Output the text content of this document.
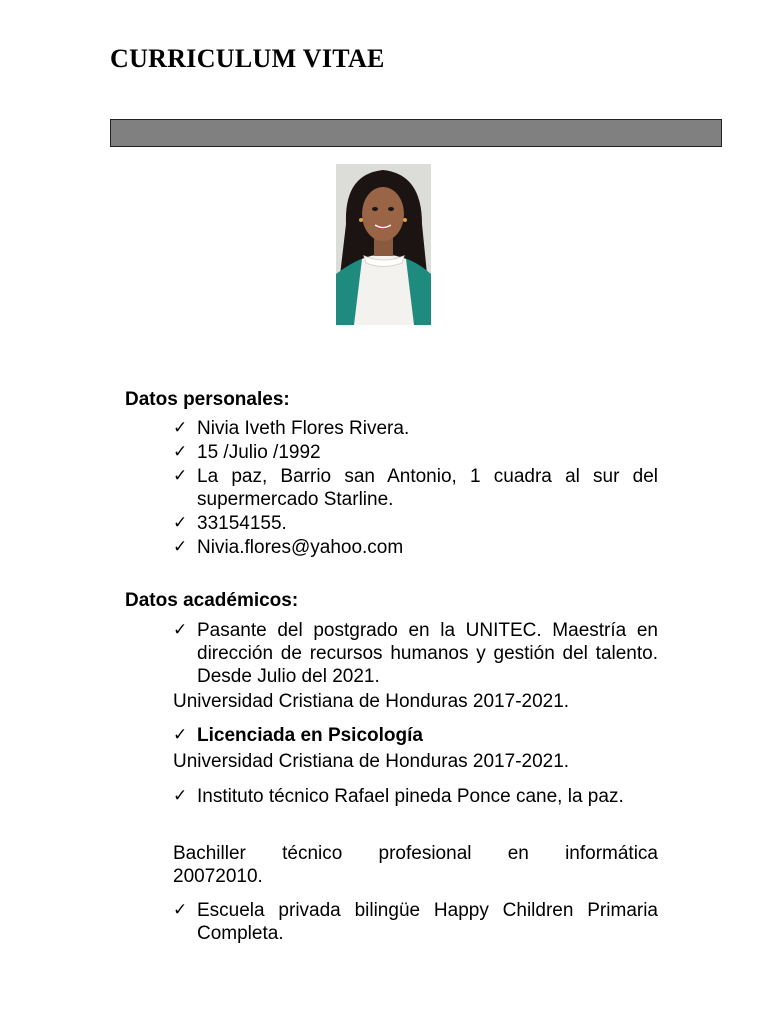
CURRICULUM VITAE
Datos personales:
✓ Nivia Iveth Flores Rivera.
✓ 15 /Julio /1992
✓ La paz, Barrio san Antonio, 1 cuadra al sur del supermercado Starline.
✓ 33154155.
✓ Nivia.flores@yahoo.com
Datos académicos:
✓ Pasante del postgrado en la UNITEC. Maestría en dirección de recursos humanos y gestión del talento. Desde Julio del 2021.
Universidad Cristiana de Honduras 2017-2021.
✓ Licenciada en Psicología
Universidad Cristiana de Honduras 2017-2021.
✓ Instituto técnico Rafael pineda Ponce cane, la paz.
Bachiller técnico profesional en informática
20072010.
✓ Escuela privada bilingüe Happy Children Primaria Completa.
